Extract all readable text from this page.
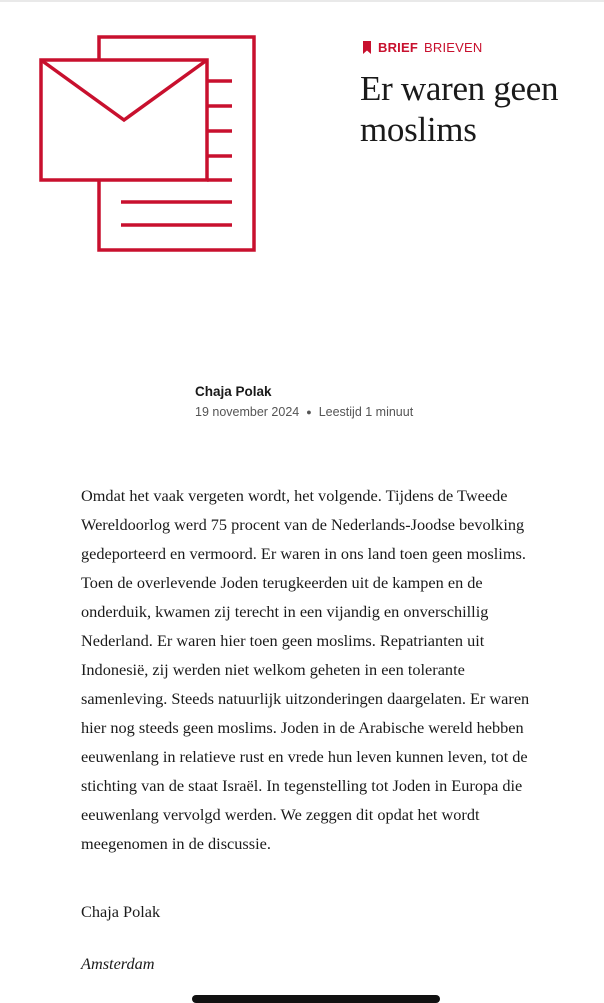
BRIEF BRIEVEN
Er waren geen moslims

Chaja Polak

19 november 2024 ● Leestijd 1 minuut

Omdat het vaak vergeten wordt, het volgende. Tijdens de Tweede Wereldoorlog werd 75 procent van de Nederlands-Joodse bevolking gedeporteerd en vermoord. Er waren in ons land toen geen moslims. Toen de overlevende Joden terugkeerden uit de kampen en de onderduik, kwamen zij terecht in een vijandig en onverschillig Nederland. Er waren hier toen geen moslims. Repatrianten uit Indonesië, zij werden niet welkom geheten in een tolerante samenleving. Steeds natuurlijk uitzonderingen daargelaten. Er waren hier nog steeds geen moslims. Joden in de Arabische wereld hebben eeuwenlang in relatieve rust en vrede hun leven kunnen leven, tot de stichting van de staat Israël. In tegenstelling tot Joden in Europa die eeuwenlang vervolgd werden. We zeggen dit opdat het wordt meegenomen in de discussie.

Chaja Polak

Amsterdam
